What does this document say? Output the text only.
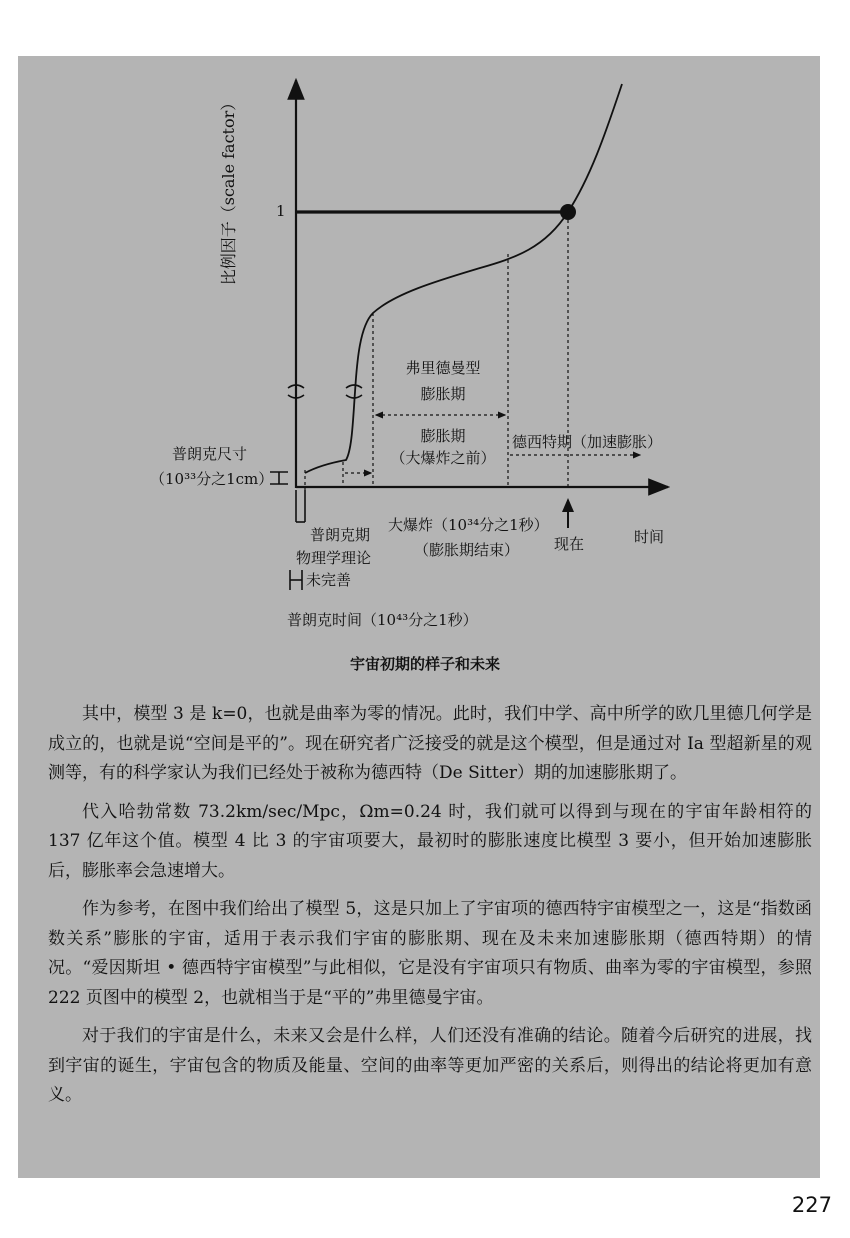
比例因子（scale factor）	1
弗里德曼型
膨胀期
膨胀期
（大爆炸之前）
德西特期（加速膨胀）
普朗克尺寸
（10³³分之1cm）
普朗克期
物理学理论
未完善
大爆炸（10³⁴分之1秒）
（膨胀期结束） 现在	时间
普朗克时间（10⁴³分之1秒）
宇宙初期的样子和未来

其中，模型 3 是 k=0，也就是曲率为零的情况。此时，我们中学、高中所学的欧几里德几何学是成立的，也就是说“空间是平的”。现在研究者广泛接受的就是这个模型，但是通过对 Ia 型超新星的观测等，有的科学家认为我们已经处于被称为德西特（De Sitter）期的加速膨胀期了。

代入哈勃常数 73.2km/sec/Mpc，Ωm=0.24 时，我们就可以得到与现在的宇宙年龄相符的 137 亿年这个值。模型 4 比 3 的宇宙项要大，最初时的膨胀速度比模型 3 要小，但开始加速膨胀后，膨胀率会急速增大。

作为参考，在图中我们给出了模型 5，这是只加上了宇宙项的德西特宇宙模型之一，这是“指数函数关系”膨胀的宇宙，适用于表示我们宇宙的膨胀期、现在及未来加速膨胀期（德西特期）的情况。“爱因斯坦 • 德西特宇宙模型”与此相似，它是没有宇宙项只有物质、曲率为零的宇宙模型，参照 222 页图中的模型 2，也就相当于是“平的”弗里德曼宇宙。

对于我们的宇宙是什么，未来又会是什么样，人们还没有准确的结论。随着今后研究的进展，找到宇宙的诞生，宇宙包含的物质及能量、空间的曲率等更加严密的关系后，则得出的结论将更加有意义。

227
